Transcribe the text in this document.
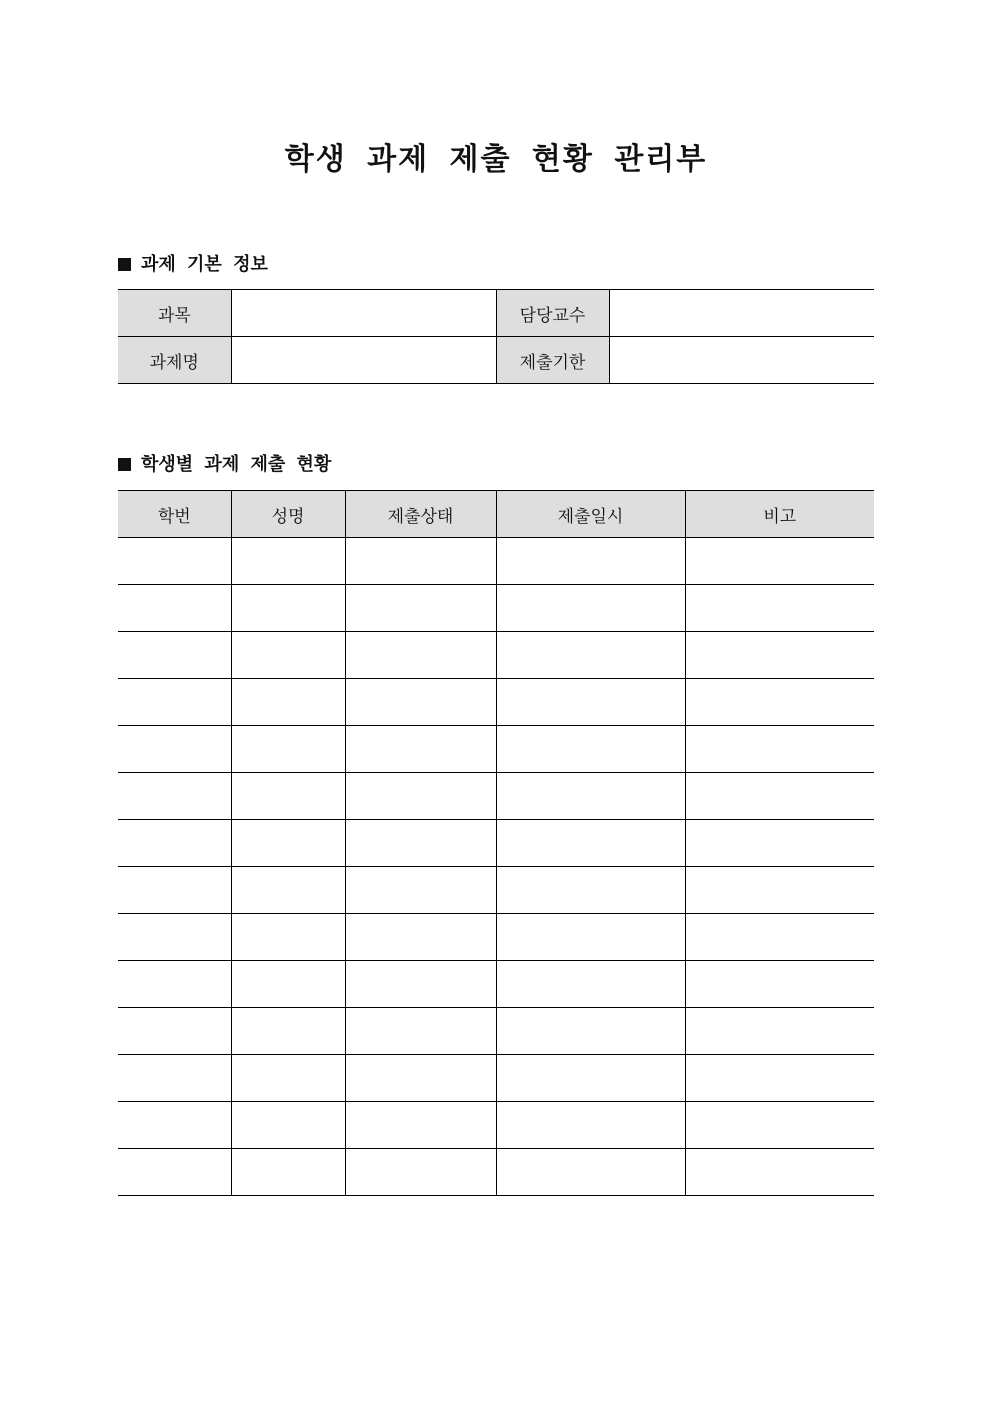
학생 과제 제출 현황 관리부
과제 기본 정보
과목		담당교수	
과제명		제출기한	
학생별 과제 제출 현황
학번	성명	제출상태	제출일시	비고
